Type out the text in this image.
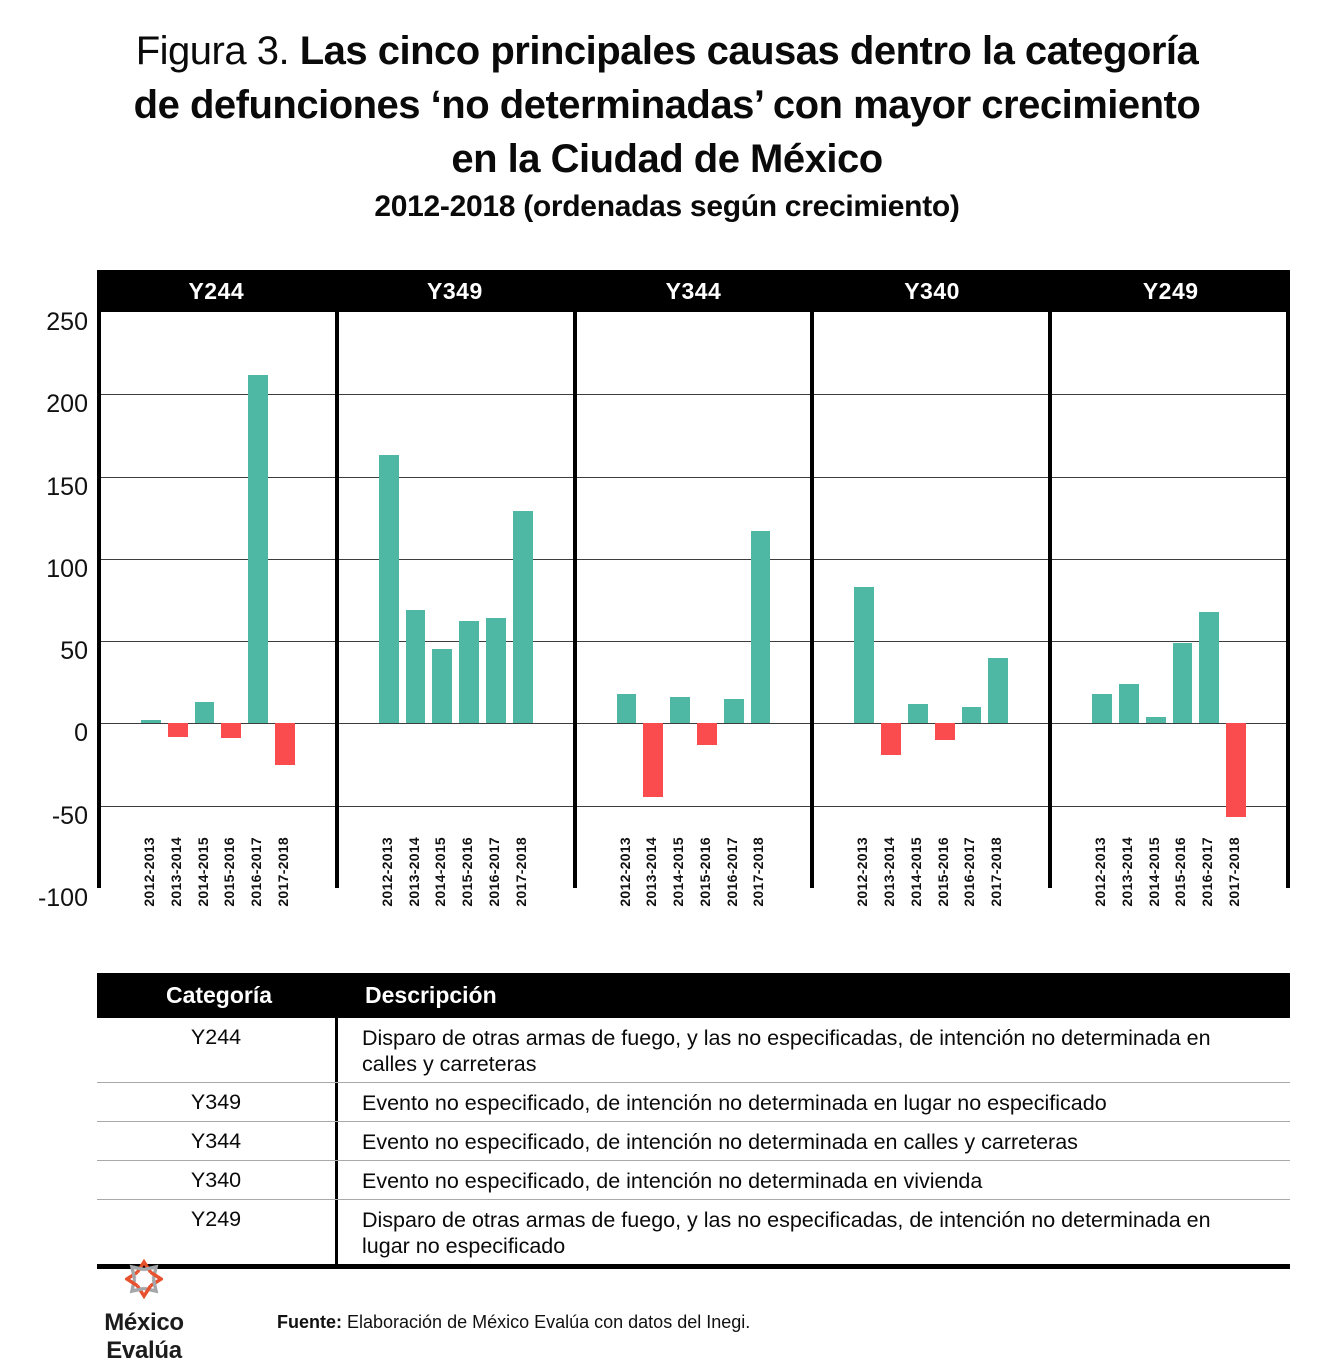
Figura 3. Las cinco principales causas dentro la categoría
de defunciones ‘no determinadas’ con mayor crecimiento
en la Ciudad de México
2012-2018 (ordenadas según crecimiento)
Y244	Y349	Y344	Y340	Y249
250
200
150
100
50
0
-50
-100	2012-2013 2013-2014 2014-2015 2015-2016 2016-2017 2017-2018	2012-2013 2013-2014 2014-2015 2015-2016 2016-2017 2017-2018	2012-2013 2013-2014 2014-2015 2015-2016 2016-2017 2017-2018	2012-2013 2013-2014 2014-2015 2015-2016 2016-2017 2017-2018	2012-2013 2013-2014 2014-2015 2015-2016 2016-2017 2017-2018
Categoría	Descripción
Y244	Disparo de otras armas de fuego, y las no especificadas, de intención no determinada en calles y carreteras
Y349	Evento no especificado, de intención no determinada en lugar no especificado
Y344	Evento no especificado, de intención no determinada en calles y carreteras
Y340	Evento no especificado, de intención no determinada en vivienda
Y249	Disparo de otras armas de fuego, y las no especificadas, de intención no determinada en lugar no especificado
México Evalúa
Fuente: Elaboración de México Evalúa con datos del Inegi.
